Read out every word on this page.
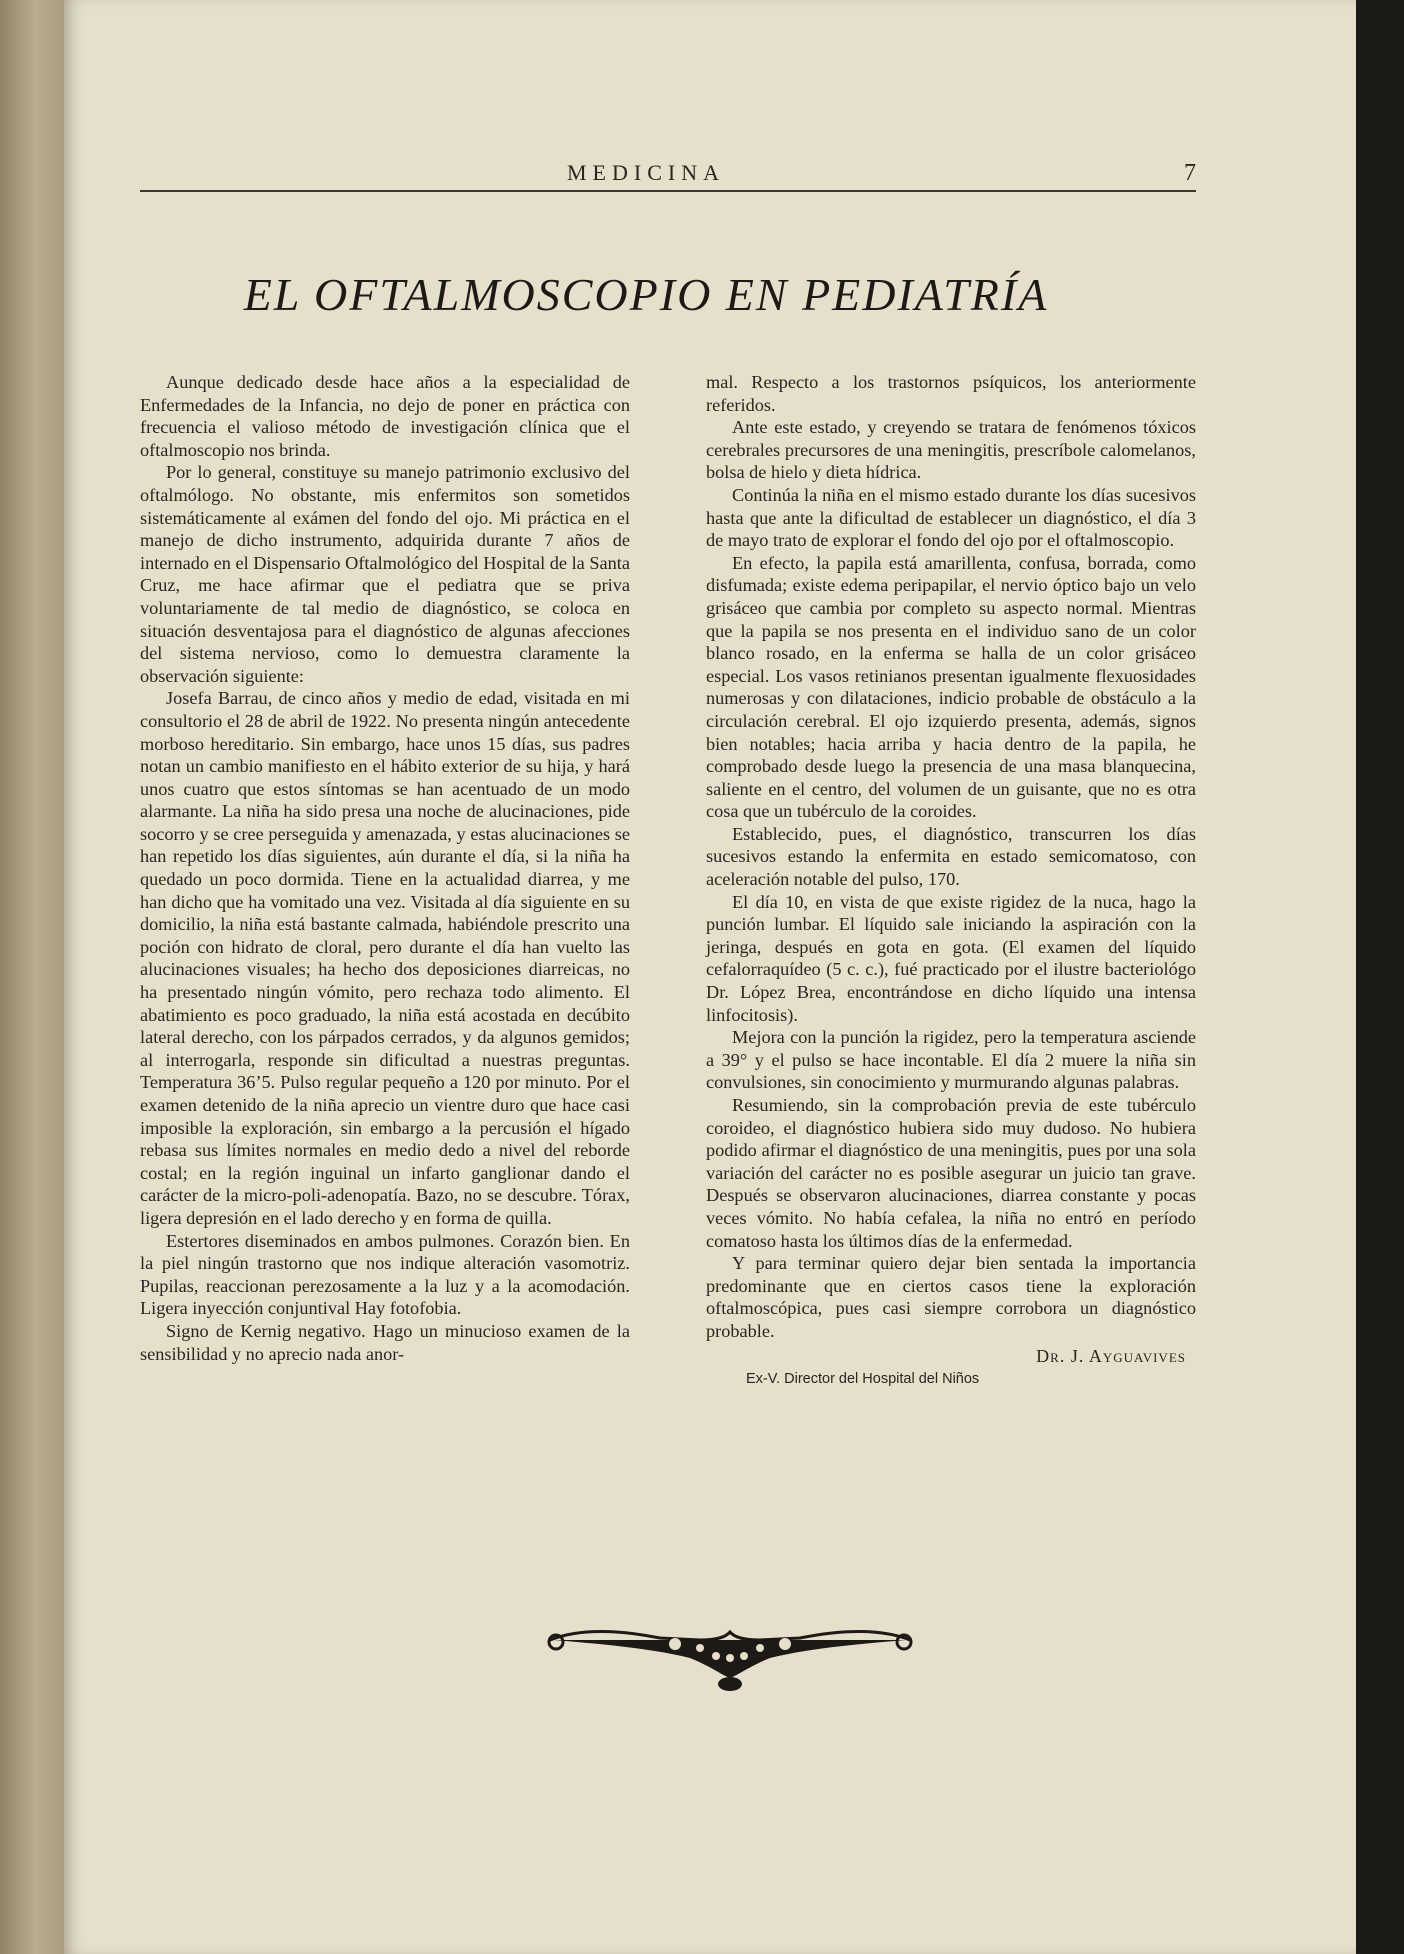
MEDICINA	7
EL OFTALMOSCOPIO EN PEDIATRÍA

Aunque dedicado desde hace años a la especialidad de Enfermedades de la Infancia, no dejo de poner en práctica con frecuencia el valioso método de investigación clínica que el oftalmoscopio nos brinda.

Por lo general, constituye su manejo patrimonio exclusivo del oftalmólogo. No obstante, mis enfermitos son sometidos sistemáticamente al exámen del fondo del ojo. Mi práctica en el manejo de dicho instrumento, adquirida durante 7 años de internado en el Dispensario Oftalmológico del Hospital de la Santa Cruz, me hace afirmar que el pediatra que se priva voluntariamente de tal medio de diagnóstico, se coloca en situación desventajosa para el diagnóstico de algunas afecciones del sistema nervioso, como lo demuestra claramente la observación siguiente:

Josefa Barrau, de cinco años y medio de edad, visitada en mi consultorio el 28 de abril de 1922. No presenta ningún antecedente morboso hereditario. Sin embargo, hace unos 15 días, sus padres notan un cambio manifiesto en el hábito exterior de su hija, y hará unos cuatro que estos síntomas se han acentuado de un modo alarmante. La niña ha sido presa una noche de alucinaciones, pide socorro y se cree perseguida y amenazada, y estas alucinaciones se han repetido los días siguientes, aún durante el día, si la niña ha quedado un poco dormida. Tiene en la actualidad diarrea, y me han dicho que ha vomitado una vez. Visitada al día siguiente en su domicilio, la niña está bastante calmada, habiéndole prescrito una poción con hidrato de cloral, pero durante el día han vuelto las alucinaciones visuales; ha hecho dos deposiciones diarreicas, no ha presentado ningún vómito, pero rechaza todo alimento. El abatimiento es poco graduado, la niña está acostada en decúbito lateral derecho, con los párpados cerrados, y da algunos gemidos; al interrogarla, responde sin dificultad a nuestras preguntas. Temperatura 36’5. Pulso regular pequeño a 120 por minuto. Por el examen detenido de la niña aprecio un vientre duro que hace casi imposible la exploración, sin embargo a la percusión el hígado rebasa sus límites normales en medio dedo a nivel del reborde costal; en la región inguinal un infarto ganglionar dando el carácter de la micro-poli-adenopatía. Bazo, no se descubre. Tórax, ligera depresión en el lado derecho y en forma de quilla.

Estertores diseminados en ambos pulmones. Corazón bien. En la piel ningún trastorno que nos indique alteración vasomotriz. Pupilas, reaccionan perezosamente a la luz y a la acomodación. Ligera inyección conjuntival Hay fotofobia.

Signo de Kernig negativo. Hago un minucioso examen de la sensibilidad y no aprecio nada anor-

mal. Respecto a los trastornos psíquicos, los anteriormente referidos.

Ante este estado, y creyendo se tratara de fenómenos tóxicos cerebrales precursores de una meningitis, prescríbole calomelanos, bolsa de hielo y dieta hídrica.

Continúa la niña en el mismo estado durante los días sucesivos hasta que ante la dificultad de establecer un diagnóstico, el día 3 de mayo trato de explorar el fondo del ojo por el oftalmoscopio.

En efecto, la papila está amarillenta, confusa, borrada, como disfumada; existe edema peripapilar, el nervio óptico bajo un velo grisáceo que cambia por completo su aspecto normal. Mientras que la papila se nos presenta en el individuo sano de un color blanco rosado, en la enferma se halla de un color grisáceo especial. Los vasos retinianos presentan igualmente flexuosidades numerosas y con dilataciones, indicio probable de obstáculo a la circulación cerebral. El ojo izquierdo presenta, además, signos bien notables; hacia arriba y hacia dentro de la papila, he comprobado desde luego la presencia de una masa blanquecina, saliente en el centro, del volumen de un guisante, que no es otra cosa que un tubérculo de la coroides.

Establecido, pues, el diagnóstico, transcurren los días sucesivos estando la enfermita en estado semicomatoso, con aceleración notable del pulso, 170.

El día 10, en vista de que existe rigidez de la nuca, hago la punción lumbar. El líquido sale iniciando la aspiración con la jeringa, después en gota en gota. (El examen del líquido cefalorraquídeo (5 c. c.), fué practicado por el ilustre bacteriológo Dr. López Brea, encontrándose en dicho líquido una intensa linfocitosis).

Mejora con la punción la rigidez, pero la temperatura asciende a 39° y el pulso se hace incontable. El día 2 muere la niña sin convulsiones, sin conocimiento y murmurando algunas palabras.

Resumiendo, sin la comprobación previa de este tubérculo coroideo, el diagnóstico hubiera sido muy dudoso. No hubiera podido afirmar el diagnóstico de una meningitis, pues por una sola variación del carácter no es posible asegurar un juicio tan grave. Después se observaron alucinaciones, diarrea constante y pocas veces vómito. No había cefalea, la niña no entró en período comatoso hasta los últimos días de la enfermedad.

Y para terminar quiero dejar bien sentada la importancia predominante que en ciertos casos tiene la exploración oftalmoscópica, pues casi siempre corrobora un diagnóstico probable.

Dr. J. Ayguavives
Ex-V. Director del Hospital del Niños
